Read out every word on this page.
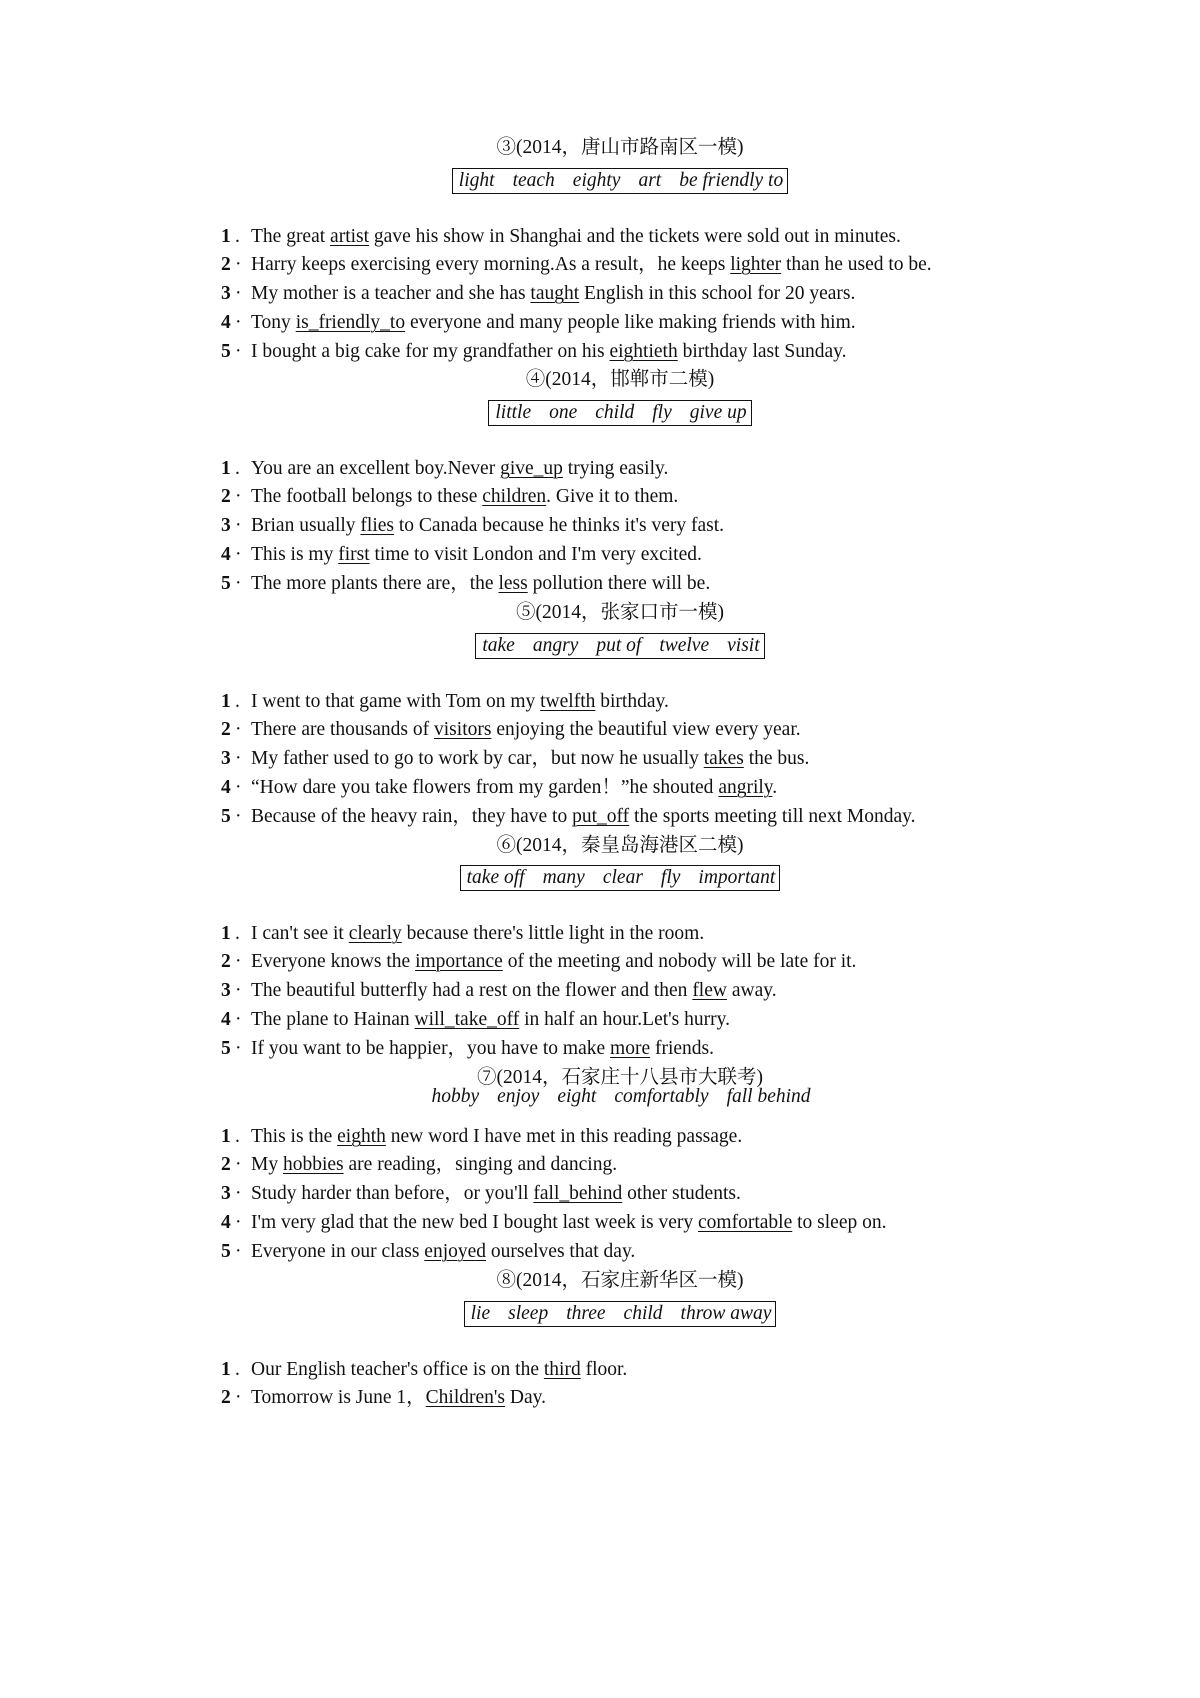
③(2014，唐山市路南区一模)
light teach eighty art be friendly to
1 . The great artist gave his show in Shanghai and the tickets were sold out in minutes.
2 · Harry keeps exercising every morning.As a result，he keeps lighter than he used to be.
3 · My mother is a teacher and she has taught English in this school for 20 years.
4 · Tony is_friendly_to everyone and many people like making friends with him.
5 · I bought a big cake for my grandfather on his eightieth birthday last Sunday.
④(2014，邯郸市二模)
little one child fly give up
1 . You are an excellent boy.Never give_up trying easily.
2 · The football belongs to these children. Give it to them.
3 · Brian usually flies to Canada because he thinks it's very fast.
4 · This is my first time to visit London and I'm very excited.
5 · The more plants there are，the less pollution there will be.
⑤(2014，张家口市一模)
take angry put of twelve visit
1 . I went to that game with Tom on my twelfth birthday.
2 · There are thousands of visitors enjoying the beautiful view every year.
3 · My father used to go to work by car，but now he usually takes the bus.
4 · “How dare you take flowers from my garden！”he shouted angrily.
5 · Because of the heavy rain，they have to put_off the sports meeting till next Monday.
⑥(2014，秦皇岛海港区二模)
take off many clear fly important
1 . I can't see it clearly because there's little light in the room.
2 · Everyone knows the importance of the meeting and nobody will be late for it.
3 · The beautiful butterfly had a rest on the flower and then flew away.
4 · The plane to Hainan will_take_off in half an hour.Let's hurry.
5 · If you want to be happier，you have to make more friends.
⑦(2014，石家庄十八县市大联考)
hobby enjoy eight comfortably fall behind
1 . This is the eighth new word I have met in this reading passage.
2 · My hobbies are reading，singing and dancing.
3 · Study harder than before，or you'll fall_behind other students.
4 · I'm very glad that the new bed I bought last week is very comfortable to sleep on.
5 · Everyone in our class enjoyed ourselves that day.
⑧(2014，石家庄新华区一模)
lie sleep three child throw away
1 . Our English teacher's office is on the third floor.
2 · Tomorrow is June 1，Children's Day.
